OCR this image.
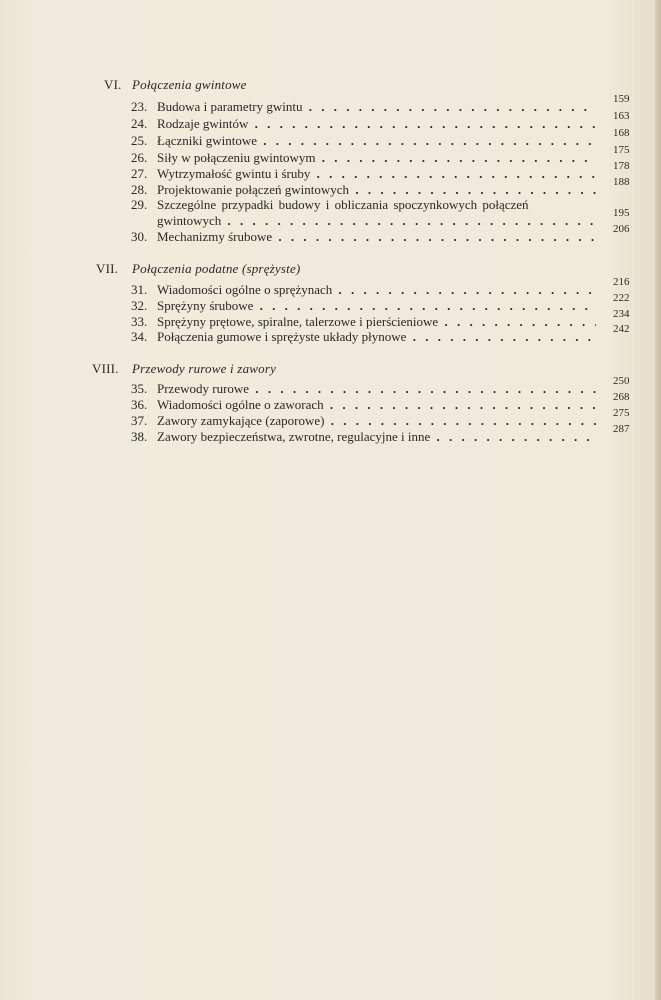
VI. Połączenia gwintowe
23. Budowa i parametry gwintu . . .	159
24. Rodzaje gwintów . . .	163
25. Łączniki gwintowe . . .	168
26. Siły w połączeniu gwintowym . . .	175
27. Wytrzymałość gwintu i śruby . . .	178
28. Projektowanie połączeń gwintowych . . .	188
29. Szczególne przypadki budowy i obliczania spoczynkowych połączeń
gwintowych . . .	195
30. Mechanizmy śrubowe . . .	206
VII. Połączenia podatne (sprężyste)
31. Wiadomości ogólne o sprężynach . . .	216
32. Sprężyny śrubowe . . .	222
33. Sprężyny prętowe, spiralne, talerzowe i pierścieniowe . . .	234
34. Połączenia gumowe i sprężyste układy płynowe . . .	242
VIII. Przewody rurowe i zawory
35. Przewody rurowe . . .	250
36. Wiadomości ogólne o zaworach . . .	268
37. Zawory zamykające (zaporowe) . . .	275
38. Zawory bezpieczeństwa, zwrotne, regulacyjne i inne . . .	287
